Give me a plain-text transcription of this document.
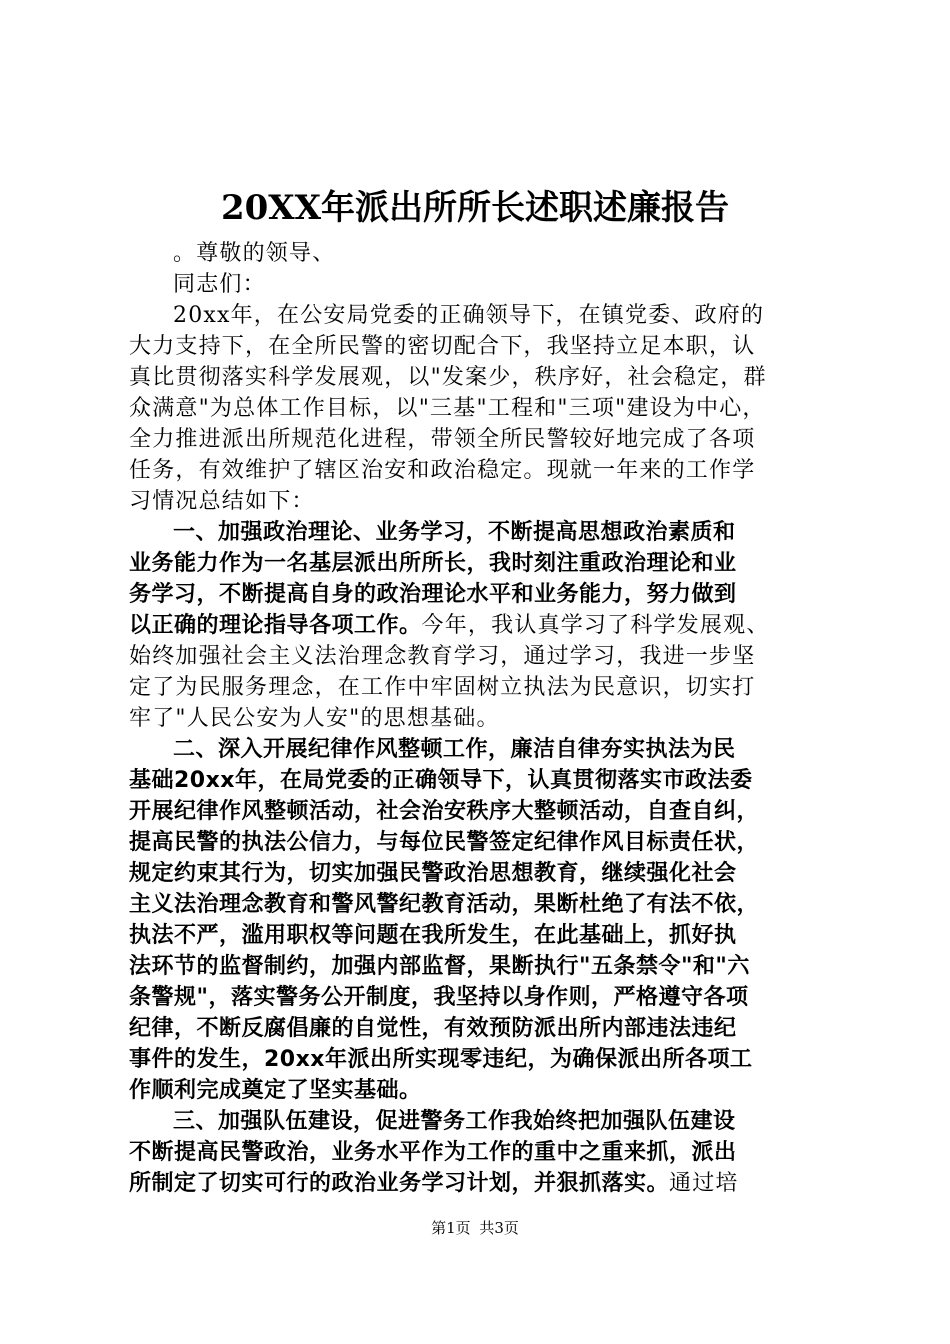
20XX年派出所所长述职述廉报告
。尊敬的领导、
同志们：
20xx年，在公安局党委的正确领导下，在镇党委、政府的
大力支持下，在全所民警的密切配合下，我坚持立足本职，认
真比贯彻落实科学发展观，以"发案少，秩序好，社会稳定，群
众满意"为总体工作目标，以"三基"工程和"三项"建设为中心，
全力推进派出所规范化进程，带领全所民警较好地完成了各项
任务，有效维护了辖区治安和政治稳定。现就一年来的工作学
习情况总结如下：
一、加强政治理论、业务学习，不断提高思想政治素质和
业务能力作为一名基层派出所所长，我时刻注重政治理论和业
务学习，不断提高自身的政治理论水平和业务能力，努力做到
以正确的理论指导各项工作。今年，我认真学习了科学发展观、
始终加强社会主义法治理念教育学习，通过学习，我进一步坚
定了为民服务理念，在工作中牢固树立执法为民意识，切实打
牢了"人民公安为人安"的思想基础。
二、深入开展纪律作风整顿工作，廉洁自律夯实执法为民
基础20xx年，在局党委的正确领导下，认真贯彻落实市政法委
开展纪律作风整顿活动，社会治安秩序大整顿活动，自查自纠，
提高民警的执法公信力，与每位民警签定纪律作风目标责任状，
规定约束其行为，切实加强民警政治思想教育，继续强化社会
主义法治理念教育和警风警纪教育活动，果断杜绝了有法不依，
执法不严，滥用职权等问题在我所发生，在此基础上，抓好执
法环节的监督制约，加强内部监督，果断执行"五条禁令"和"六
条警规"，落实警务公开制度，我坚持以身作则，严格遵守各项
纪律，不断反腐倡廉的自觉性，有效预防派出所内部违法违纪
事件的发生，20xx年派出所实现零违纪，为确保派出所各项工
作顺利完成奠定了坚实基础。
三、加强队伍建设，促进警务工作我始终把加强队伍建设
不断提高民警政治，业务水平作为工作的重中之重来抓，派出
所制定了切实可行的政治业务学习计划，并狠抓落实。通过培
第1页 共3页
